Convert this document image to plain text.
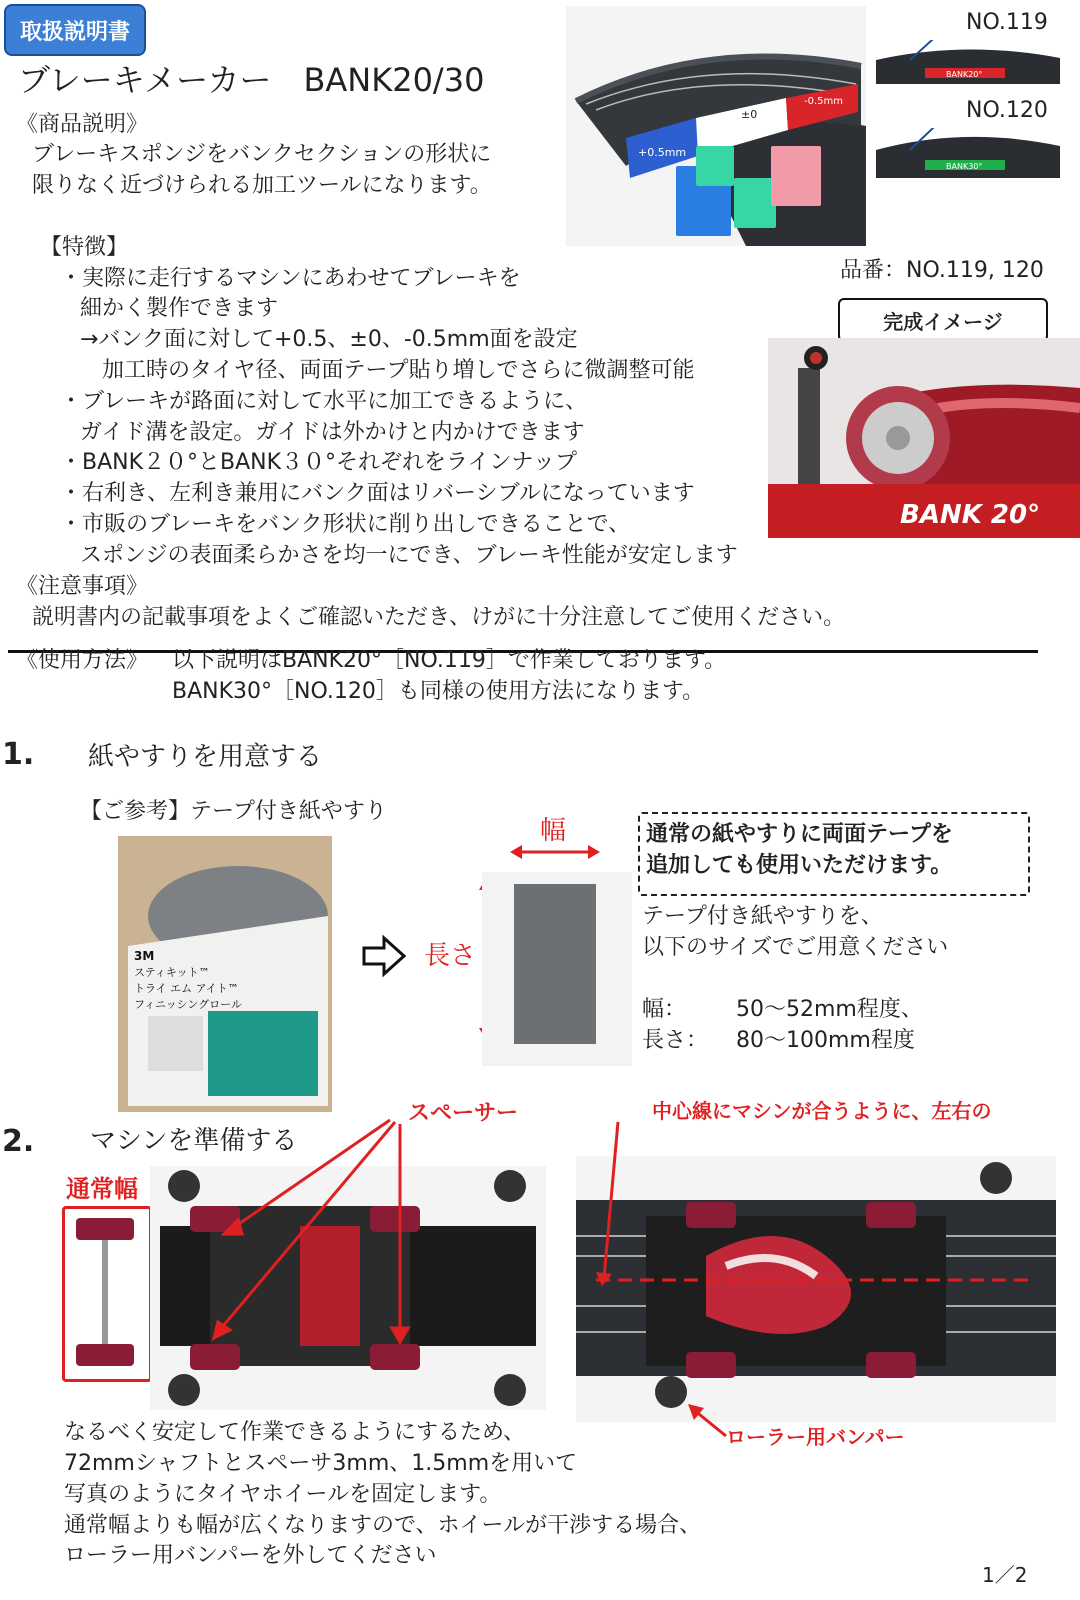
取扱説明書
ブレーキメーカー　BANK20/30
《商品説明》
ブレーキスポンジをバンクセクションの形状に
限りなく近づけられる加工ツールになります。
【特徴】
・実際に走行するマシンにあわせてブレーキを
細かく製作できます
→バンク面に対して+0.5、±0、-0.5mm面を設定
加工時のタイヤ径、両面テープ貼り増しでさらに微調整可能
・ブレーキが路面に対して水平に加工できるように、
ガイド溝を設定。ガイドは外かけと内かけできます
・BANK２０°とBANK３０°それぞれをラインナップ
・右利き、左利き兼用にバンク面はリバーシブルになっています
・市販のブレーキをバンク形状に削り出しできることで、
スポンジの表面柔らかさを均一にでき、ブレーキ性能が安定します
《注意事項》
説明書内の記載事項をよくご確認いただき、けがに十分注意してご使用ください。
+0.5mm
±0
-0.5mm
NO.119
BANK20°
NO.120
BANK30°
品番：NO.119, 120
完成イメージ
BANK 20°
《使用方法》 以下説明はBANK20°［NO.119］で作業しております。
BANK30°［NO.120］も同様の使用方法になります。
1. 紙やすりを用意する
【ご参考】テープ付き紙やすり
3M
スティキット™
トライ エム アイト™
フィニッシングロール
幅
長さ
通常の紙やすりに両面テープを
追加しても使用いただけます。
テープ付き紙やすりを、
以下のサイズでご用意ください
幅： 50〜52mm程度、
長さ： 80〜100mm程度
2. マシンを準備する
スペーサー	中心線にマシンが合うように、左右の
通常幅
ローラー用バンパー
なるべく安定して作業できるようにするため、
72mmシャフトとスペーサ3mm、1.5mmを用いて
写真のようにタイヤホイールを固定します。
通常幅よりも幅が広くなりますので、ホイールが干渉する場合、
ローラー用バンパーを外してください
1／2
